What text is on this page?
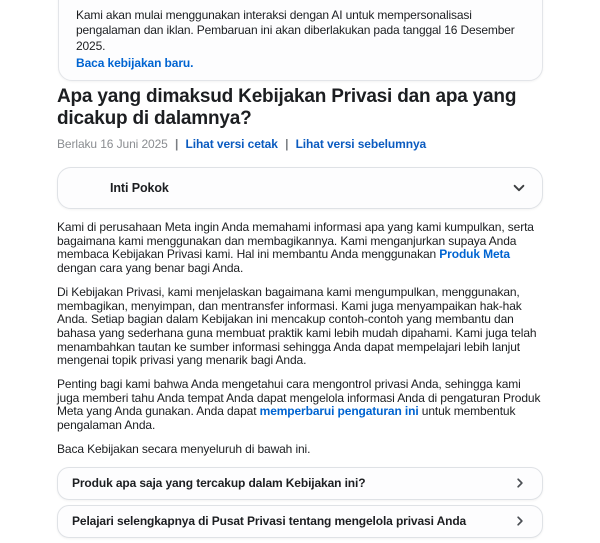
Kami akan mulai menggunakan interaksi dengan AI untuk mempersonalisasi pengalaman dan iklan. Pembaruan ini akan diberlakukan pada tanggal 16 Desember 2025.

Baca kebijakan baru.
Apa yang dimaksud Kebijakan Privasi dan apa yang dicakup di dalamnya?
Berlaku 16 Juni 2025 | Lihat versi cetak | Lihat versi sebelumnya
Inti Pokok

Kami di perusahaan Meta ingin Anda memahami informasi apa yang kami kumpulkan, serta bagaimana kami menggunakan dan membagikannya. Kami menganjurkan supaya Anda membaca Kebijakan Privasi kami. Hal ini membantu Anda menggunakan Produk Meta dengan cara yang benar bagi Anda.

Di Kebijakan Privasi, kami menjelaskan bagaimana kami mengumpulkan, menggunakan, membagikan, menyimpan, dan mentransfer informasi. Kami juga menyampaikan hak-hak Anda. Setiap bagian dalam Kebijakan ini mencakup contoh-contoh yang membantu dan bahasa yang sederhana guna membuat praktik kami lebih mudah dipahami. Kami juga telah menambahkan tautan ke sumber informasi sehingga Anda dapat mempelajari lebih lanjut mengenai topik privasi yang menarik bagi Anda.

Penting bagi kami bahwa Anda mengetahui cara mengontrol privasi Anda, sehingga kami juga memberi tahu Anda tempat Anda dapat mengelola informasi Anda di pengaturan Produk Meta yang Anda gunakan. Anda dapat memperbarui pengaturan ini untuk membentuk pengalaman Anda.

Baca Kebijakan secara menyeluruh di bawah ini.

Produk apa saja yang tercakup dalam Kebijakan ini?
Pelajari selengkapnya di Pusat Privasi tentang mengelola privasi Anda
